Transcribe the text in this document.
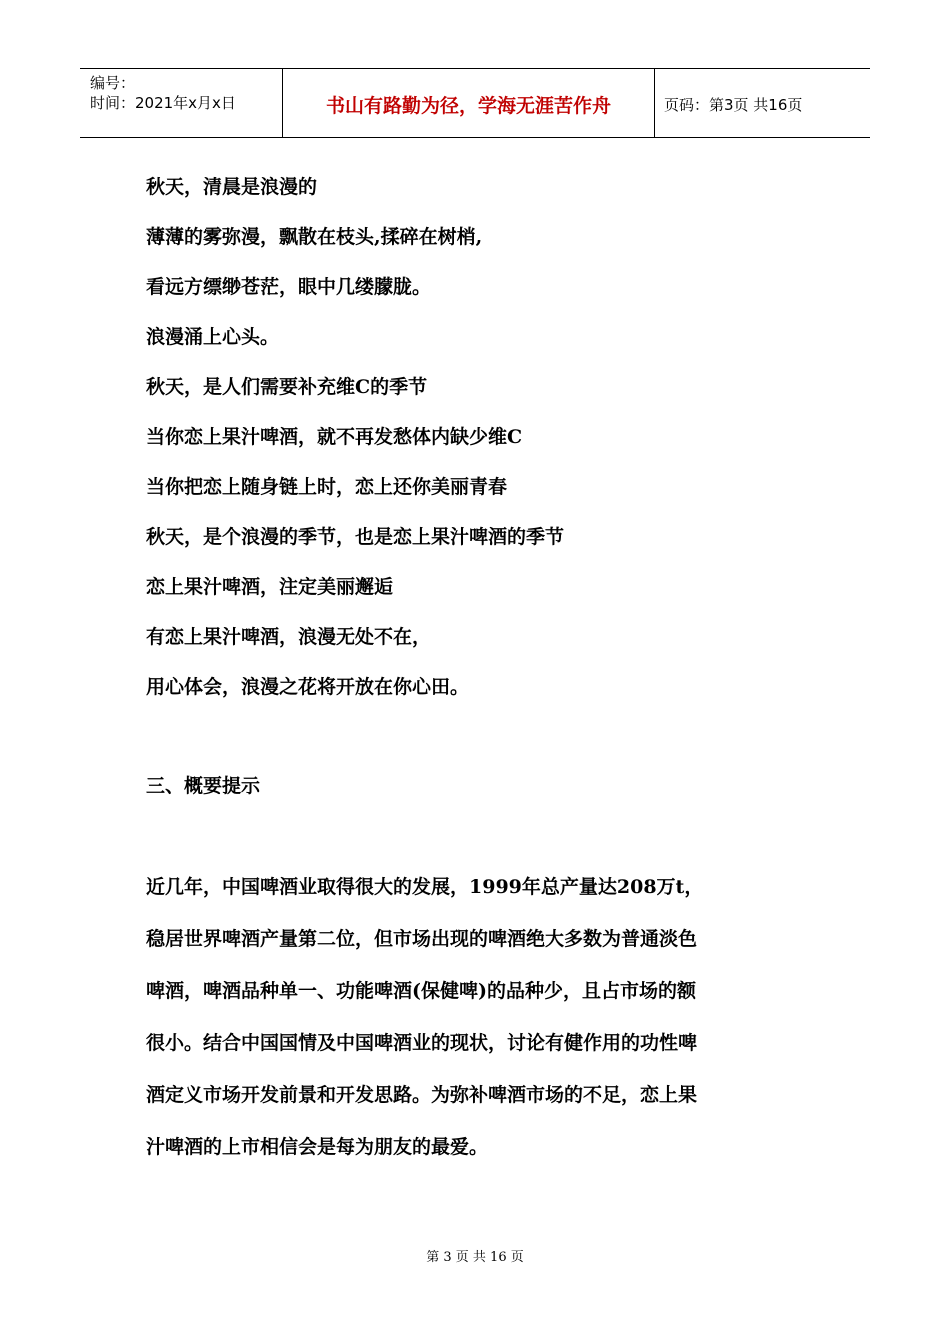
编号：
时间：2021年x月x日	书山有路勤为径，学海无涯苦作舟	页码：第3页 共16页
秋天，清晨是浪漫的
薄薄的雾弥漫，飘散在枝头,揉碎在树梢,
看远方缥缈苍茫，眼中几缕朦胧。
浪漫涌上心头。
秋天，是人们需要补充维C的季节
当你恋上果汁啤酒，就不再发愁体内缺少维C
当你把恋上随身链上时，恋上还你美丽青春
秋天，是个浪漫的季节，也是恋上果汁啤酒的季节
恋上果汁啤酒，注定美丽邂逅
有恋上果汁啤酒，浪漫无处不在，
用心体会，浪漫之花将开放在你心田。
三、概要提示
近几年，中国啤酒业取得很大的发展，1999年总产量达208万t，
稳居世界啤酒产量第二位，但市场出现的啤酒绝大多数为普通淡色
啤酒，啤酒品种单一、功能啤酒(保健啤)的品种少，且占市场的额
很小。结合中国国情及中国啤酒业的现状，讨论有健作用的功性啤
酒定义市场开发前景和开发思路。为弥补啤酒市场的不足，恋上果
汁啤酒的上市相信会是每为朋友的最爱。
第 3 页 共 16 页
